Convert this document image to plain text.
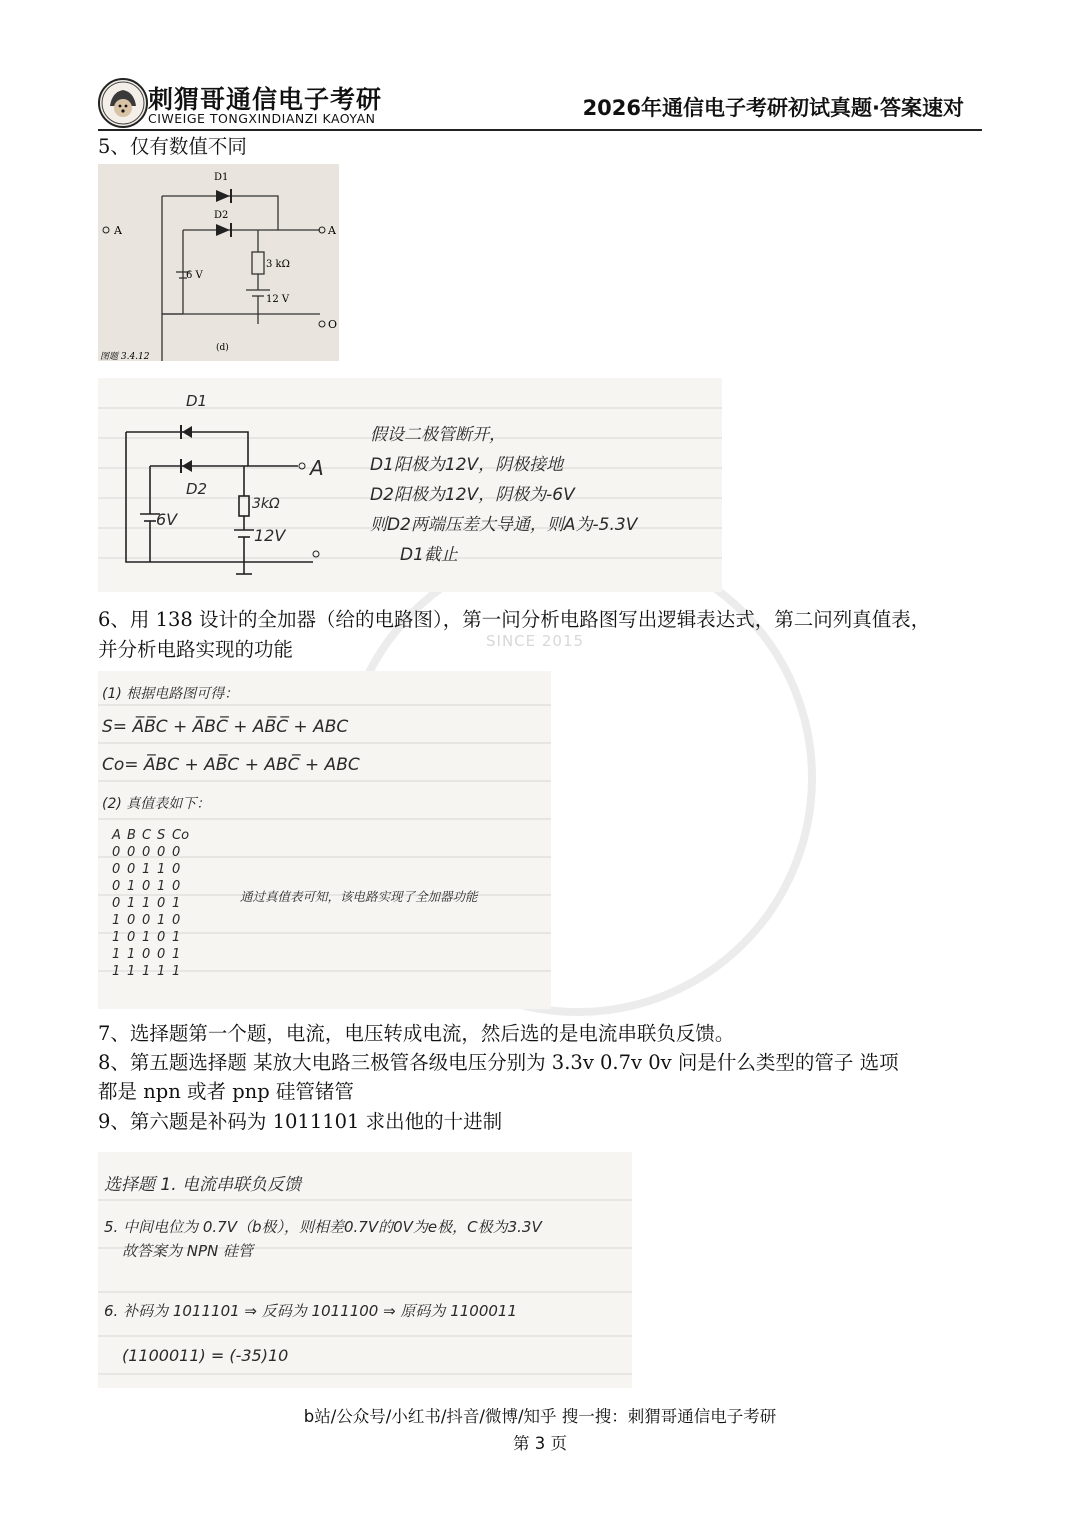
SINCE 2015
刺猬哥通信电子考研
CIWEIGE TONGXINDIANZI KAOYAN	2026年通信电子考研初试真题·答案速对
5、仅有数值不同
D1
D2
A
A
3 kΩ
6 V
12 V
O
(d)
图题 3.4.12
D1
D2
A
3kΩ
6V
12V
假设二极管断开，
D1阳极为12V，阴极接地
D2阳极为12V，阴极为-6V
则D2两端压差大导通，则A为-5.3V
D1截止
6、用 138 设计的全加器（给的电路图），第一问分析电路图写出逻辑表达式，第二问列真值表，
并分析电路实现的功能
(1) 根据电路图可得：
S= A̅B̅C + A̅BC̅ + AB̅C̅ + ABC
Co= A̅BC + AB̅C + ABC̅ + ABC
(2) 真值表如下：
A B C S Co
0 0 0 0 0
0 0 1 1 0
0 1 0 1 0
0 1 1 0 1
1 0 0 1 0
1 0 1 0 1
1 1 0 0 1
1 1 1 1 1
通过真值表可知，该电路实现了全加器功能
7、选择题第一个题，电流，电压转成电流，然后选的是电流串联负反馈。
8、第五题选择题 某放大电路三极管各级电压分别为 3.3v 0.7v 0v 问是什么类型的管子 选项
都是 npn 或者 pnp 硅管锗管
9、第六题是补码为 1011101 求出他的十进制
选择题 1. 电流串联负反馈
5. 中间电位为 0.7V（b极），则相差0.7V的0V为e极，C极为3.3V
故答案为 NPN 硅管
6. 补码为 1011101 ⇒ 反码为 1011100 ⇒ 原码为 1100011
(1100011) = (-35)10
b站/公众号/小红书/抖音/微博/知乎 搜一搜：刺猬哥通信电子考研
第 3 页
